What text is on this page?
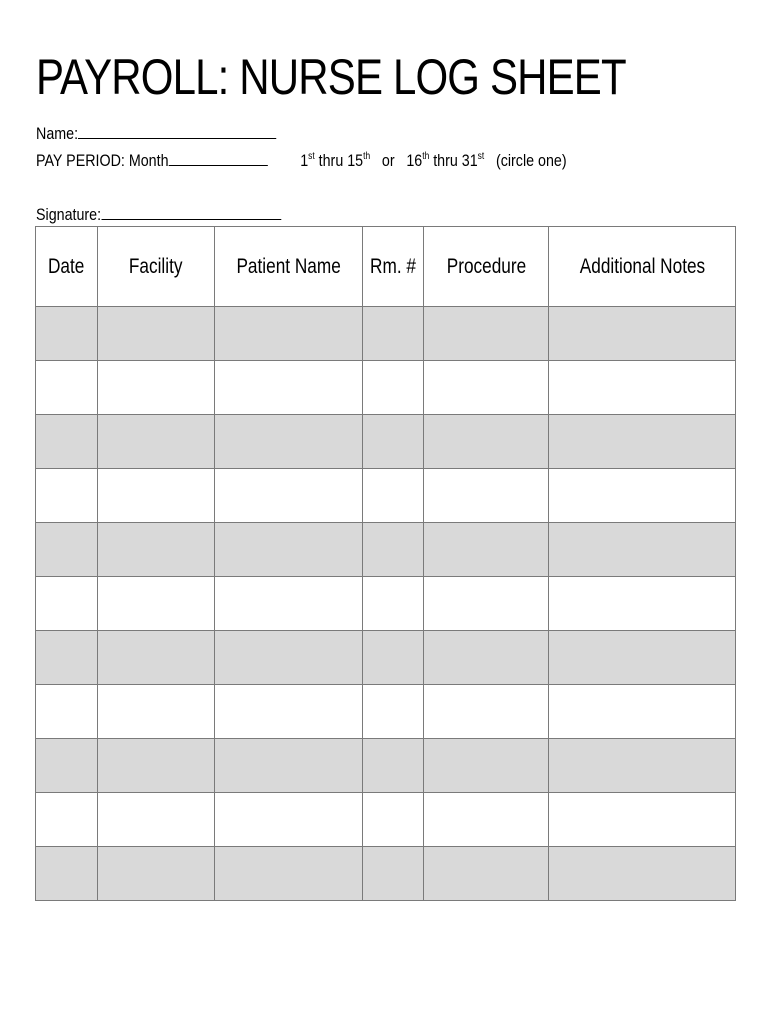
PAYROLL: NURSE LOG SHEET
Name:
PAY PERIOD: Month	1st thru 15th or 16th thru 31st (circle one)
Signature:
Date	Facility	Patient Name	Rm. #	Procedure	Additional Notes
